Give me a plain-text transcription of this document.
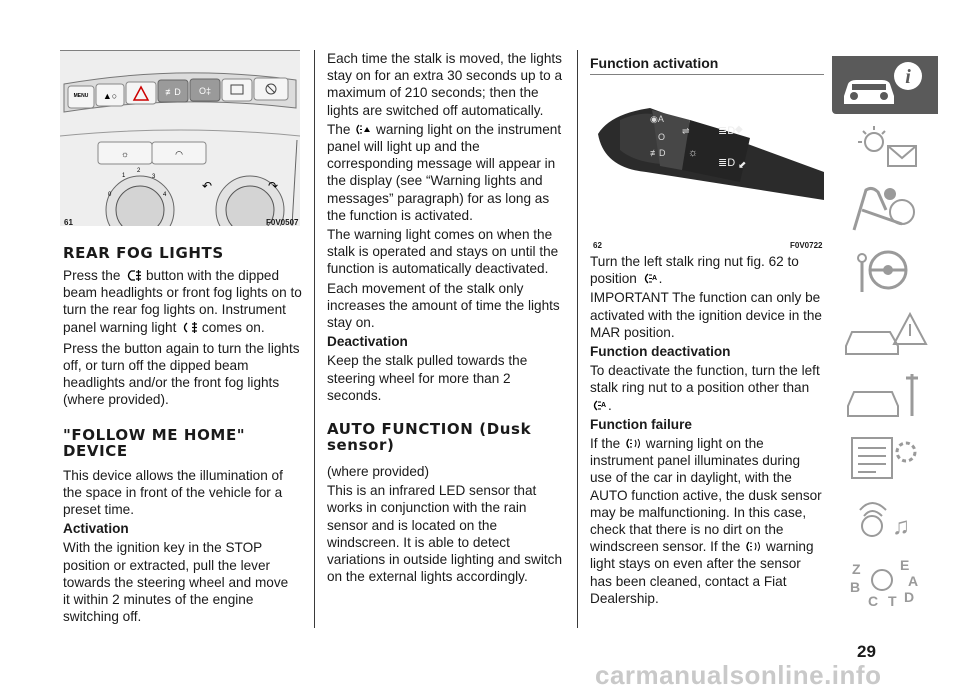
MENU ▲○	≢D O‡
☼	◠
1
2
3
4
0
↶	↷
61	F0V0507

REAR FOG LIGHTS

Press the button with the dipped beam headlights or front fog lights on to turn the rear fog lights on. Instrument panel warning light comes on.

Press the button again to turn the lights off, or turn off the dipped beam headlights and/or the front fog lights (where provided).

"FOLLOW ME HOME" DEVICE

This device allows the illumination of the space in front of the vehicle for a preset time.

Activation

With the ignition key in the STOP position or extracted, pull the lever towards the steering wheel and move it within 2 minutes of the engine switching off.

Each time the stalk is moved, the lights stay on for an extra 30 seconds up to a maximum of 210 seconds; then the lights are switched off automatically.

The warning light on the instrument panel will light up and the corresponding message will appear in the display (see “Warning lights and messages” paragraph) for as long as the function is activated.

The warning light comes on when the stalk is operated and stays on until the function is automatically deactivated.

Each movement of the stalk only increases the amount of time the lights stay on.

Deactivation

Keep the stalk pulled towards the steering wheel for more than 2 seconds.

AUTO FUNCTION (Dusk sensor)

(where provided)

This is an infrared LED sensor that works in conjunction with the rain sensor and is located on the windscreen. It is able to detect variations in outside lighting and switch on the external lights accordingly.

Function activation

◉A
O
≢D
⇌
☼
≣D ◆
≣D ⬋
62	F0V0722

Turn the left stalk ring nut fig. 62 to position A .

IMPORTANT The function can only be activated with the ignition device in the MAR position.

Function deactivation

To deactivate the function, turn the left stalk ring nut to a position other than

A .

Function failure

If the warning light on the instrument panel illuminates during use of the car in daylight, with the AUTO function active, the dusk sensor may be malfunctioning. In this case, check that there is no dirt on the windscreen sensor. If the warning light stays on even after the sensor has been cleaned, contact a Fiat Dealership.

i
♫
Z	E
A
B
C T D
29
carmanualsonline.info
